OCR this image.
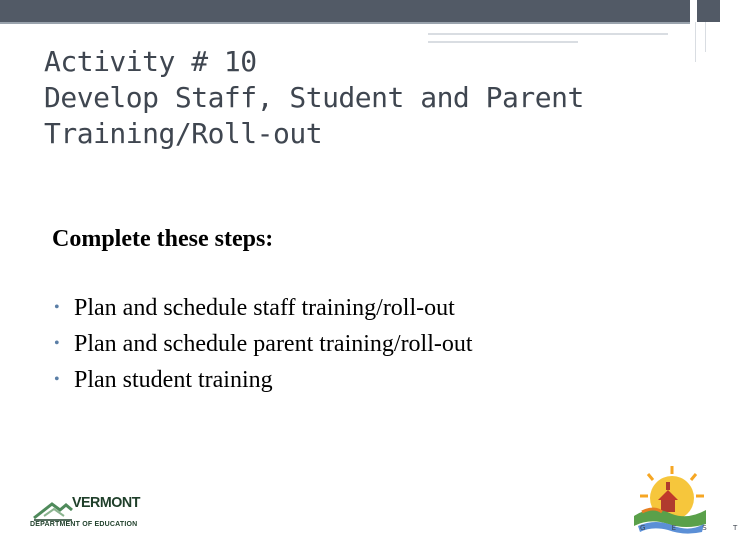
Activity # 10
Develop Staff, Student and Parent
Training/Roll-out

Complete these steps:

• Plan and schedule staff training/roll-out
• Plan and schedule parent training/roll-out
• Plan student training
VERMONT
DEPARTMENT OF EDUCATION	G E S T
